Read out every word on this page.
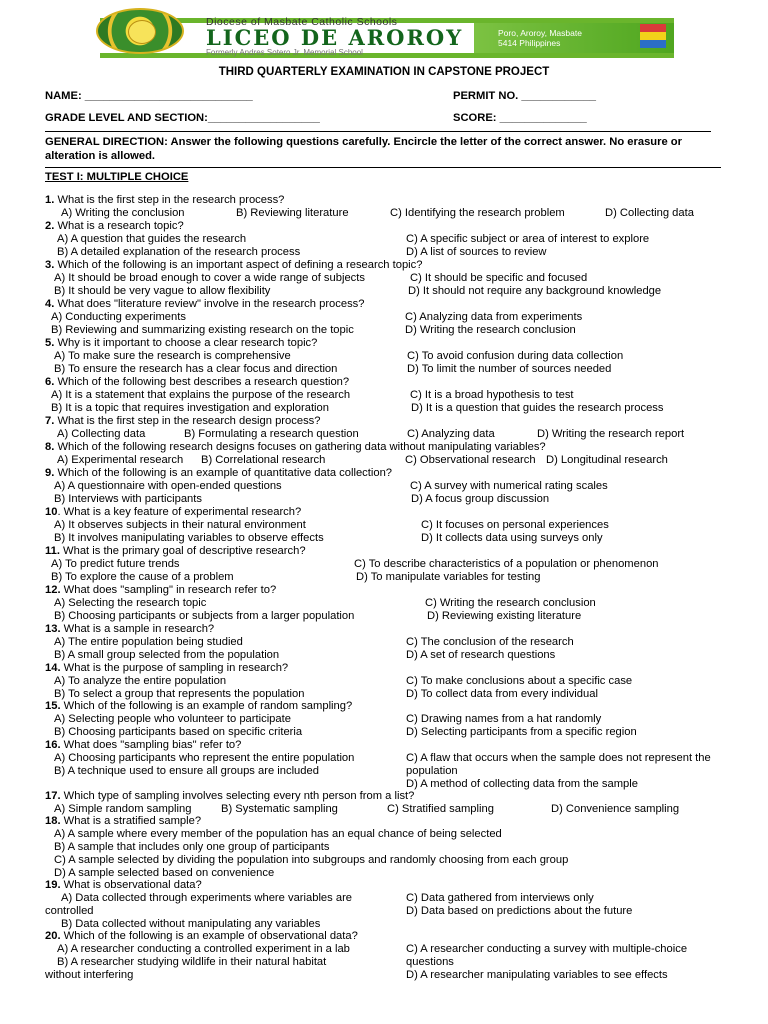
Diocese of Masbate Catholic Schools
LICEO DE AROROY
Formerly Andres Sotero Jr. Memorial School
Poro, Aroroy, Masbate
5414 Philippines
THIRD QUARTERLY EXAMINATION IN CAPSTONE PROJECT
NAME: ___________________________	PERMIT NO. ____________
GRADE LEVEL AND SECTION:__________________	SCORE: ______________
GENERAL DIRECTION: Answer the following questions carefully. Encircle the letter of the correct answer. No erasure or
alteration is allowed.
TEST I: MULTIPLE CHOICE
1. What is the first step in the research process?
A) Writing the conclusion	B) Reviewing literature	C) Identifying the research problem	D) Collecting data
2. What is a research topic?
A) A question that guides the research	C) A specific subject or area of interest to explore
B) A detailed explanation of the research process	D) A list of sources to review
3. Which of the following is an important aspect of defining a research topic?
A) It should be broad enough to cover a wide range of subjects	C) It should be specific and focused
B) It should be very vague to allow flexibility	D) It should not require any background knowledge
4. What does "literature review" involve in the research process?
A) Conducting experiments	C) Analyzing data from experiments
B) Reviewing and summarizing existing research on the topic	D) Writing the research conclusion
5. Why is it important to choose a clear research topic?
A) To make sure the research is comprehensive	C) To avoid confusion during data collection
B) To ensure the research has a clear focus and direction	D) To limit the number of sources needed
6. Which of the following best describes a research question?
A) It is a statement that explains the purpose of the research	C) It is a broad hypothesis to test
B) It is a topic that requires investigation and exploration	D) It is a question that guides the research process
7. What is the first step in the research design process?
A) Collecting data	B) Formulating a research question	C) Analyzing data	D) Writing the research report
8. Which of the following research designs focuses on gathering data without manipulating variables?
A) Experimental research B) Correlational research	C) Observational research D) Longitudinal research
9. Which of the following is an example of quantitative data collection?
A) A questionnaire with open-ended questions	C) A survey with numerical rating scales
B) Interviews with participants	D) A focus group discussion
10. What is a key feature of experimental research?
A) It observes subjects in their natural environment	C) It focuses on personal experiences
B) It involves manipulating variables to observe effects	D) It collects data using surveys only
11. What is the primary goal of descriptive research?
A) To predict future trends	C) To describe characteristics of a population or phenomenon
B) To explore the cause of a problem	D) To manipulate variables for testing
12. What does "sampling" in research refer to?
A) Selecting the research topic	C) Writing the research conclusion
B) Choosing participants or subjects from a larger population	D) Reviewing existing literature
13. What is a sample in research?
A) The entire population being studied	C) The conclusion of the research
B) A small group selected from the population	D) A set of research questions
14. What is the purpose of sampling in research?
A) To analyze the entire population	C) To make conclusions about a specific case
B) To select a group that represents the population	D) To collect data from every individual
15. Which of the following is an example of random sampling?
A) Selecting people who volunteer to participate	C) Drawing names from a hat randomly
B) Choosing participants based on specific criteria	D) Selecting participants from a specific region
16. What does "sampling bias" refer to?
A) Choosing participants who represent the entire population	C) A flaw that occurs when the sample does not represent the
population
B) A technique used to ensure all groups are included
D) A method of collecting data from the sample
17. Which type of sampling involves selecting every nth person from a list?
A) Simple random sampling	B) Systematic sampling	C) Stratified sampling	D) Convenience sampling
18. What is a stratified sample?
A) A sample where every member of the population has an equal chance of being selected
B) A sample that includes only one group of participants
C) A sample selected by dividing the population into subgroups and randomly choosing from each group
D) A sample selected based on convenience
19. What is observational data?
A) Data collected through experiments where variables are
controlled
C) Data gathered from interviews only
D) Data based on predictions about the future
B) Data collected without manipulating any variables
20. Which of the following is an example of observational data?
A) A researcher conducting a controlled experiment in a lab	C) A researcher conducting a survey with multiple-choice
questions
B) A researcher studying wildlife in their natural habitat
without interfering	D) A researcher manipulating variables to see effects
